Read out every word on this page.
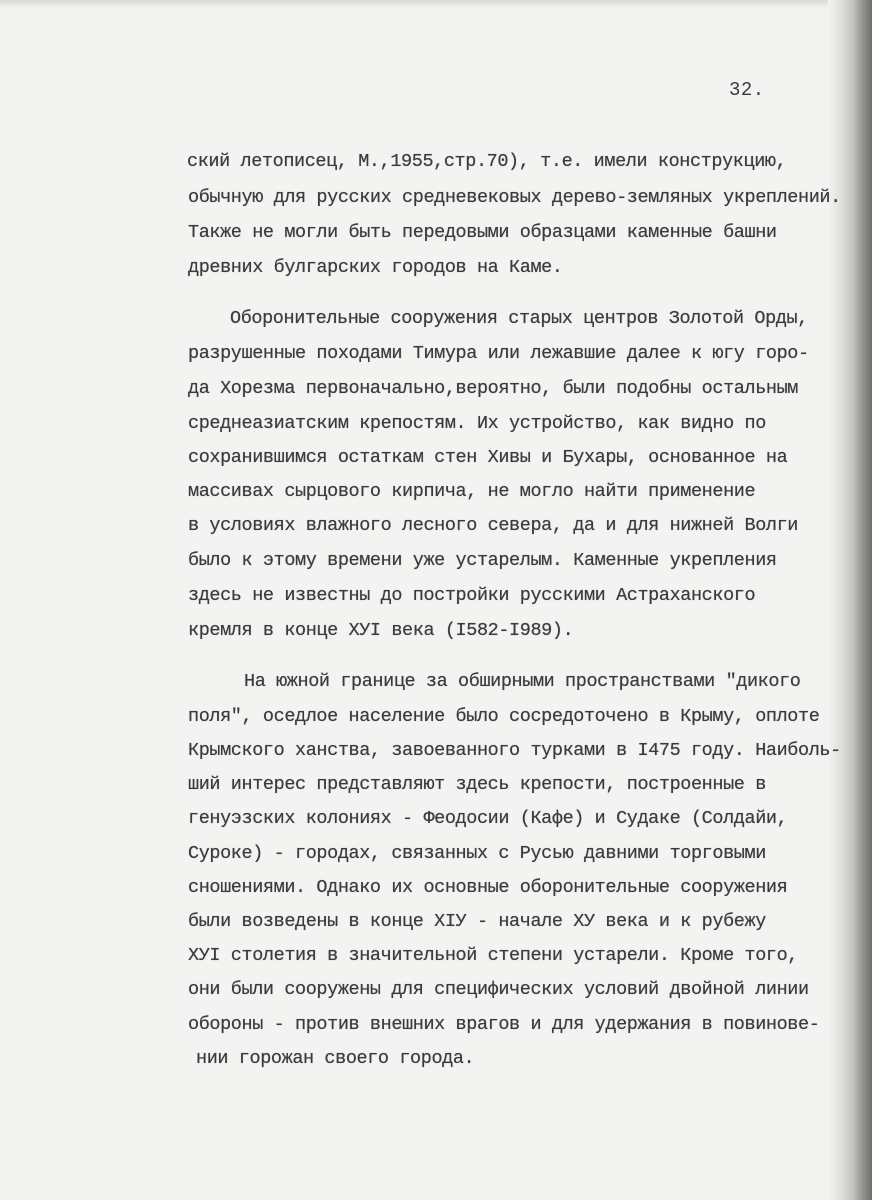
32.
ский летописец, М.,1955,стр.70), т.е. имели конструкцию,
обычную для русских средневековых дерево-земляных укреплений.
Также не могли быть передовыми образцами каменные башни
древних булгарских городов на Каме.
Оборонительные сооружения старых центров Золотой Орды,
разрушенные походами Тимура или лежавшие далее к югу горо-
да Хорезма первоначально,вероятно, были подобны остальным
среднеазиатским крепостям. Их устройство, как видно по
сохранившимся остаткам стен Хивы и Бухары, основанное на
массивах сырцового кирпича, не могло найти применение
в условиях влажного лесного севера, да и для нижней Волги
было к этому времени уже устарелым. Каменные укрепления
здесь не известны до постройки русскими Астраханского
кремля в конце ХУI века (I582-I989).
На южной границе за обширными пространствами "дикого
поля", оседлое население было сосредоточено в Крыму, оплоте
Крымского ханства, завоеванного турками в I475 году. Наиболь-
ший интерес представляют здесь крепости, построенные в
генуэзских колониях - Феодосии (Кафе) и Судаке (Солдайи,
Суроке) - городах, связанных с Русью давними торговыми
сношениями. Однако их основные оборонительные сооружения
были возведены в конце ХIУ - начале ХУ века и к рубежу
ХУI столетия в значительной степени устарели. Кроме того,
они были сооружены для специфических условий двойной линии
обороны - против внешних врагов и для удержания в повинове-
нии горожан своего города.
